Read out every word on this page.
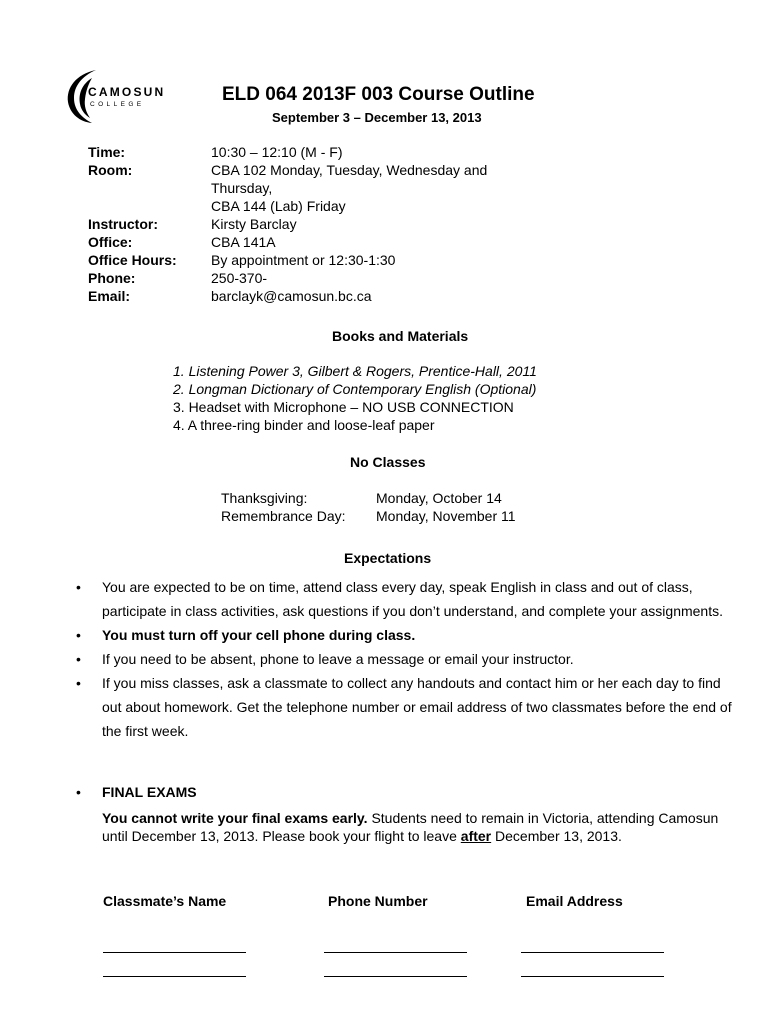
CAMOSUN
COLLEGE	ELD 064 2013F 003 Course Outline
September 3 – December 13, 2013
Time:	10:30 – 12:10 (M - F)
Room:	CBA 102 Monday, Tuesday, Wednesday and
Thursday,
CBA 144 (Lab) Friday
Instructor:	Kirsty Barclay
Office:	CBA 141A
Office Hours:	By appointment or 12:30-1:30
Phone:	250-370-
Email:	barclayk@camosun.bc.ca
Books and Materials
1. Listening Power 3, Gilbert & Rogers, Prentice-Hall, 2011
2. Longman Dictionary of Contemporary English (Optional)
3. Headset with Microphone – NO USB CONNECTION
4. A three-ring binder and loose-leaf paper
No Classes
Thanksgiving:	Monday, October 14
Remembrance Day:	Monday, November 11
Expectations
• You are expected to be on time, attend class every day, speak English in class and out of class, participate in class activities, ask questions if you don’t understand, and complete your assignments.
• You must turn off your cell phone during class.
• If you need to be absent, phone to leave a message or email your instructor.
• If you miss classes, ask a classmate to collect any handouts and contact him or her each day to find out about homework. Get the telephone number or email address of two classmates before the end of the first week.
• FINAL EXAMS
You cannot write your final exams early. Students need to remain in Victoria, attending Camosun until December 13, 2013. Please book your flight to leave after December 13, 2013.
Classmate’s Name	Phone Number	Email Address
